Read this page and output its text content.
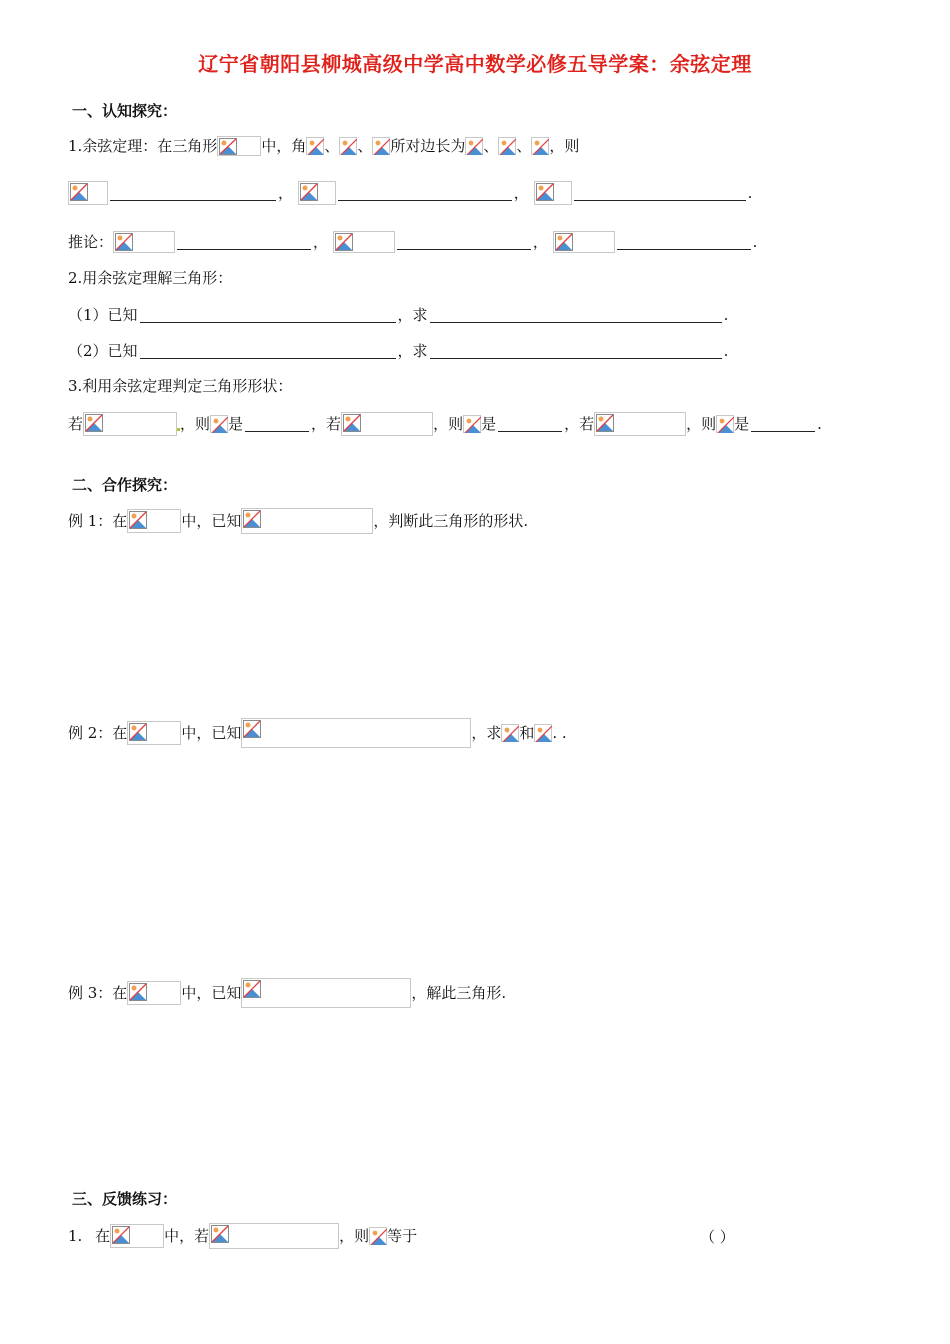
辽宁省朝阳县柳城高级中学高中数学必修五导学案：余弦定理
一、认知探究：
1.余弦定理：在三角形	中，角 、 、 所对边长为 、 、 ，则
，	，	.
推论：	，	，	.
2.用余弦定理解三角形：
（1）已知	，求	.
（2）已知	，求	.
3.利用余弦定理判定三角形形状：
若	，则 是	，若	，则 是	，若	，则 是	.
二、合作探究：
例 1：在	中，已知	，判断此三角形的形状.
例 2：在	中，已知	，求 和 . .
例 3：在	中，已知	，解此三角形.
三、反馈练习：
1. 在	中，若	，则 等于	（ ）
